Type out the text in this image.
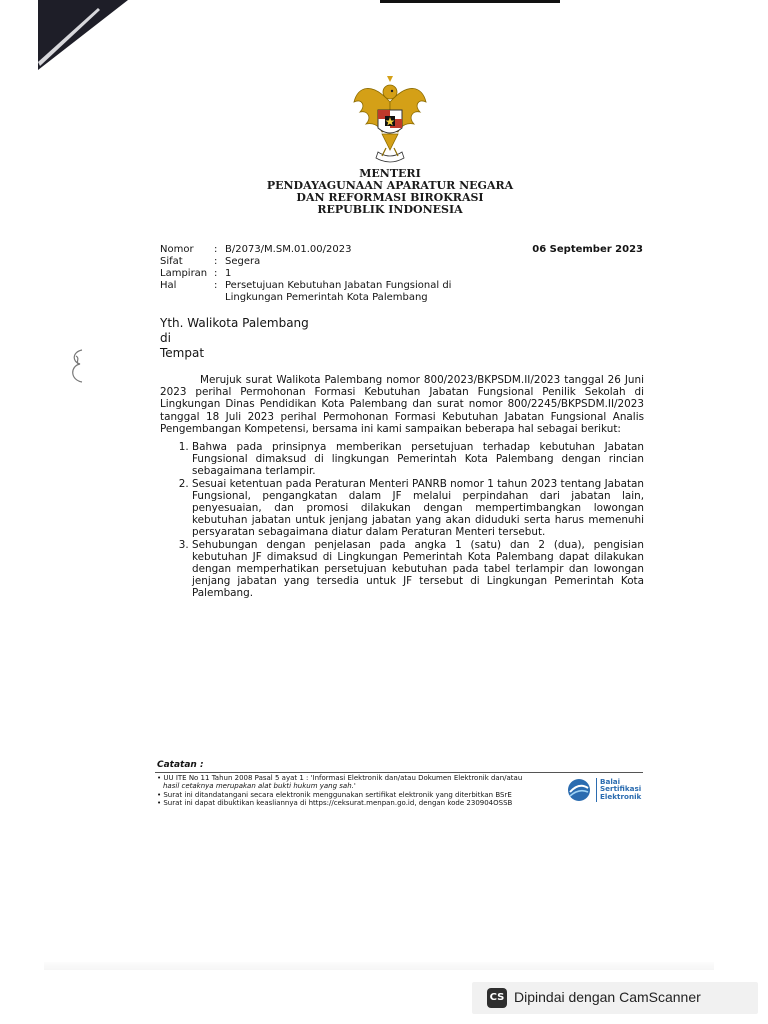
MENTERI
PENDAYAGUNAAN APARATUR NEGARA
DAN REFORMASI BIROKRASI
REPUBLIK INDONESIA
Nomor	: B/2073/M.SM.01.00/2023
Sifat	: Segera
Lampiran : 1
Hal	: Persetujuan Kebutuhan Jabatan Fungsional di Lingkungan Pemerintah Kota Palembang
06 September 2023
Yth. Walikota Palembang
di
Tempat

Merujuk surat Walikota Palembang nomor 800/2023/BKPSDM.II/2023 tanggal 26 Juni 2023 perihal Permohonan Formasi Kebutuhan Jabatan Fungsional Penilik Sekolah di Lingkungan Dinas Pendidikan Kota Palembang dan surat nomor 800/2245/BKPSDM.II/2023 tanggal 18 Juli 2023 perihal Permohonan Formasi Kebutuhan Jabatan Fungsional Analis Pengembangan Kompetensi, bersama ini kami sampaikan beberapa hal sebagai berikut:

1. Bahwa pada prinsipnya memberikan persetujuan terhadap kebutuhan Jabatan Fungsional dimaksud di lingkungan Pemerintah Kota Palembang dengan rincian sebagaimana terlampir.
2. Sesuai ketentuan pada Peraturan Menteri PANRB nomor 1 tahun 2023 tentang Jabatan Fungsional, pengangkatan dalam JF melalui perpindahan dari jabatan lain, penyesuaian, dan promosi dilakukan dengan mempertimbangkan lowongan kebutuhan jabatan untuk jenjang jabatan yang akan diduduki serta harus memenuhi persyaratan sebagaimana diatur dalam Peraturan Menteri tersebut.
3. Sehubungan dengan penjelasan pada angka 1 (satu) dan 2 (dua), pengisian kebutuhan JF dimaksud di Lingkungan Pemerintah Kota Palembang dapat dilakukan dengan memperhatikan persetujuan kebutuhan pada tabel terlampir dan lowongan jenjang jabatan yang tersedia untuk JF tersebut di Lingkungan Pemerintah Kota Palembang.
Catatan :
• UU ITE No 11 Tahun 2008 Pasal 5 ayat 1 : 'Informasi Elektronik dan/atau Dokumen Elektronik dan/atau
hasil cetaknya merupakan alat bukti hukum yang sah.'
• Surat ini ditandatangani secara elektronik menggunakan sertifikat elektronik yang diterbitkan BSrE
• Surat ini dapat dibuktikan keasliannya di https://ceksurat.menpan.go.id, dengan kode 230904OSSB
Balai
Sertifikasi
Elektronik
CS Dipindai dengan CamScanner
